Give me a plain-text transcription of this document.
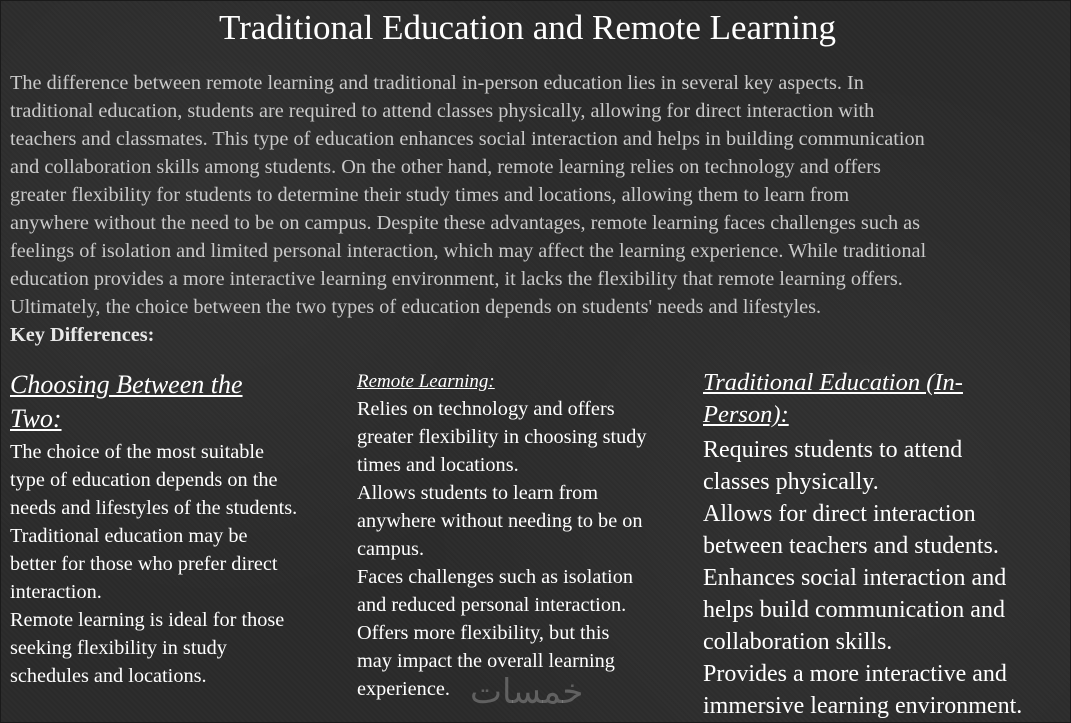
Traditional Education and Remote Learning
The difference between remote learning and traditional in-person education lies in several key aspects. In
traditional education, students are required to attend classes physically, allowing for direct interaction with
teachers and classmates. This type of education enhances social interaction and helps in building communication
and collaboration skills among students. On the other hand, remote learning relies on technology and offers
greater flexibility for students to determine their study times and locations, allowing them to learn from
anywhere without the need to be on campus. Despite these advantages, remote learning faces challenges such as
feelings of isolation and limited personal interaction, which may affect the learning experience. While traditional
education provides a more interactive learning environment, it lacks the flexibility that remote learning offers.
Ultimately, the choice between the two types of education depends on students' needs and lifestyles.
Key Differences:
Choosing Between the
Two:
The choice of the most suitable
type of education depends on the
needs and lifestyles of the students.
Traditional education may be
better for those who prefer direct
interaction.
Remote learning is ideal for those
seeking flexibility in study
schedules and locations.
Remote Learning:
Relies on technology and offers
greater flexibility in choosing study
times and locations.
Allows students to learn from
anywhere without needing to be on
campus.
Faces challenges such as isolation
and reduced personal interaction.
Offers more flexibility, but this
may impact the overall learning
experience.
Traditional Education (In-
Person):
Requires students to attend
classes physically.
Allows for direct interaction
between teachers and students.
Enhances social interaction and
helps build communication and
collaboration skills.
Provides a more interactive and
immersive learning environment.
خمسات
